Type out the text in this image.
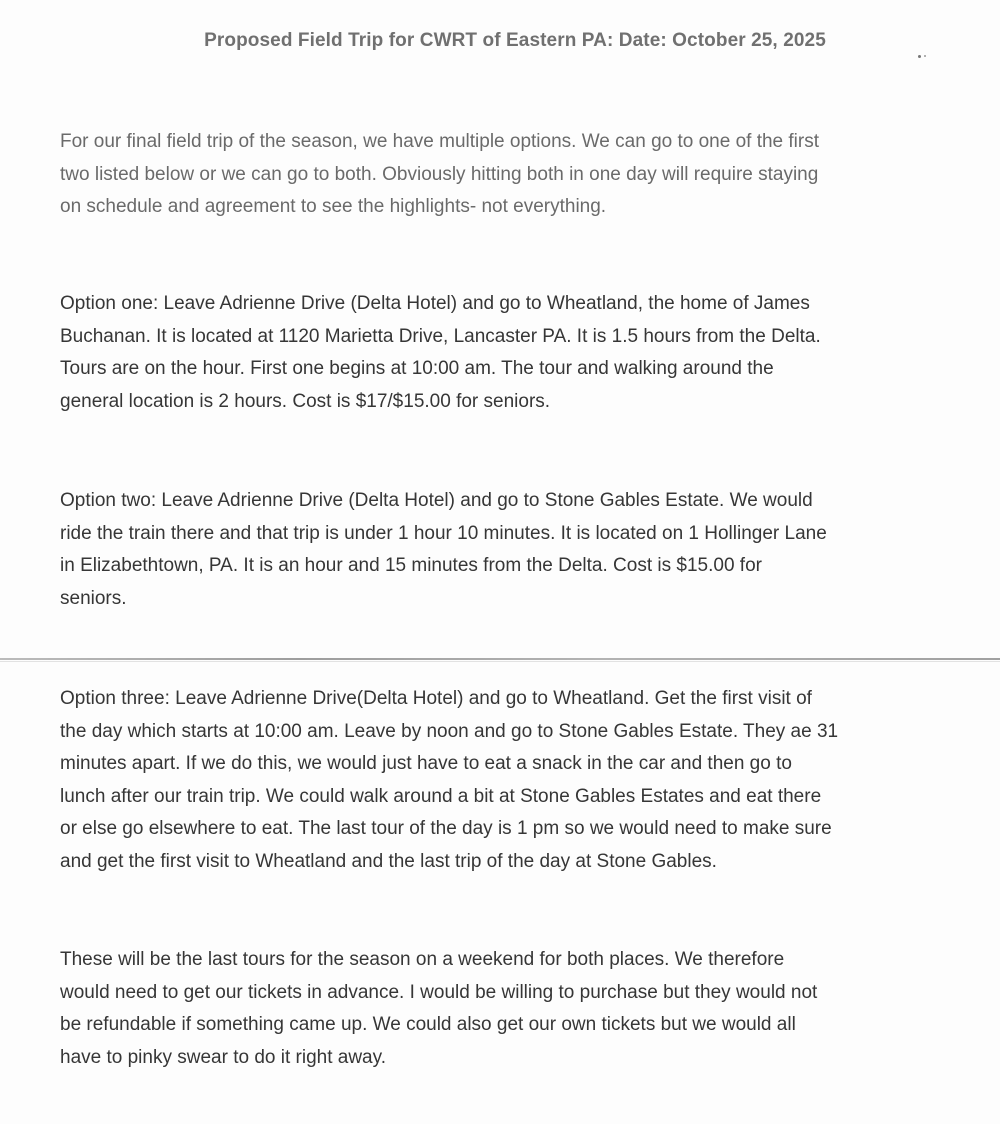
Proposed Field Trip for CWRT of Eastern PA: Date: October 25, 2025
For our final field trip of the season, we have multiple options. We can go to one of the first
two listed below or we can go to both. Obviously hitting both in one day will require staying
on schedule and agreement to see the highlights- not everything.
Option one: Leave Adrienne Drive (Delta Hotel) and go to Wheatland, the home of James
Buchanan. It is located at 1120 Marietta Drive, Lancaster PA. It is 1.5 hours from the Delta.
Tours are on the hour. First one begins at 10:00 am. The tour and walking around the
general location is 2 hours. Cost is $17/$15.00 for seniors.
Option two: Leave Adrienne Drive (Delta Hotel) and go to Stone Gables Estate. We would
ride the train there and that trip is under 1 hour 10 minutes. It is located on 1 Hollinger Lane
in Elizabethtown, PA. It is an hour and 15 minutes from the Delta. Cost is $15.00 for
seniors.
Option three: Leave Adrienne Drive(Delta Hotel) and go to Wheatland. Get the first visit of
the day which starts at 10:00 am. Leave by noon and go to Stone Gables Estate. They ae 31
minutes apart. If we do this, we would just have to eat a snack in the car and then go to
lunch after our train trip. We could walk around a bit at Stone Gables Estates and eat there
or else go elsewhere to eat. The last tour of the day is 1 pm so we would need to make sure
and get the first visit to Wheatland and the last trip of the day at Stone Gables.
These will be the last tours for the season on a weekend for both places. We therefore
would need to get our tickets in advance. I would be willing to purchase but they would not
be refundable if something came up. We could also get our own tickets but we would all
have to pinky swear to do it right away.
